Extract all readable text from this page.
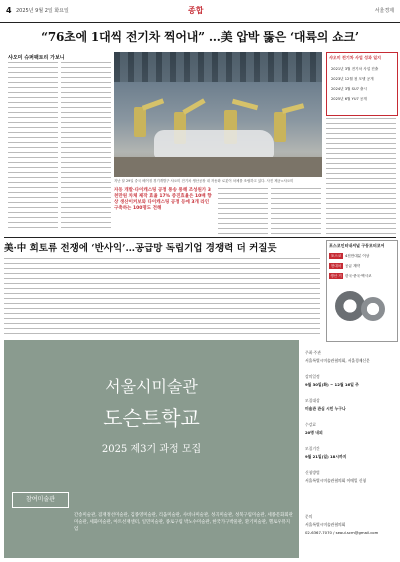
4 2025년 9월 2일 화요일	종합	서울경제
“76초에 1대씩 전기차 찍어내” …美 압박 뚫은 ‘대륙의 쇼크’
샤오미 슈퍼팩토리 가보니
지난 달 29일 중국 베이징 경기개발구 샤오미 전기차 생산공장 내 자동화 로봇이 차체를 조립하고 있다. 사진 제공=샤오미
자동 개발·다이캐스팅 공정 통송 통해 조성원가 3천만원 차체 제작 효율 17% 증진효율은 10배 향상 생산이커보와 다이캐스팅 공정 등에 3개 라인 구축하는 100명도 전해
샤오미 전기차 사업 성과 일지
2021년 3월 전기차 사업 진출
2023년 12월 첫 모델 공개
2024년 3월 SU7 출시
2025년 6월 YU7 공개
美·中 희토류 전쟁에 ‘반사익’…공급망 독립기업 경쟁력 더 커질듯	포스코인터내셔널 구동모터코어
포스코	4천만대분 이상
현대차	공급 계약
생산 거점
한국·중국·멕시코
서울시미술관
도슨트학교
2025 제3기 과정 모집
참여미술관
간송미술관, 겸재정선미술관, 김종영미술관, 리움미술관, 사비나미술관, 성곡미술관, 성북구립미술관, 세종문화회관 미술관, 세화미술관, 아트선재센터, 일민미술관, 종로구립 박노수미술관, 한국가구박물관, 환기미술관, 헬로우뮤지엄
주최·주관
서울특별시미술관협의회, 서울경제신문
강의일정
9월 30일(화) ~ 12월 16일 주
모집대상
미술관 관심 시민 누구나
수강료
20명 내외
모집기간
9월 21일(일) 18시까지
신청방법
서울특별시미술관협의회 이메일 신청
문의
서울특별시미술관협의회
02-6367-7070 / seoul.scm@gmail.com
